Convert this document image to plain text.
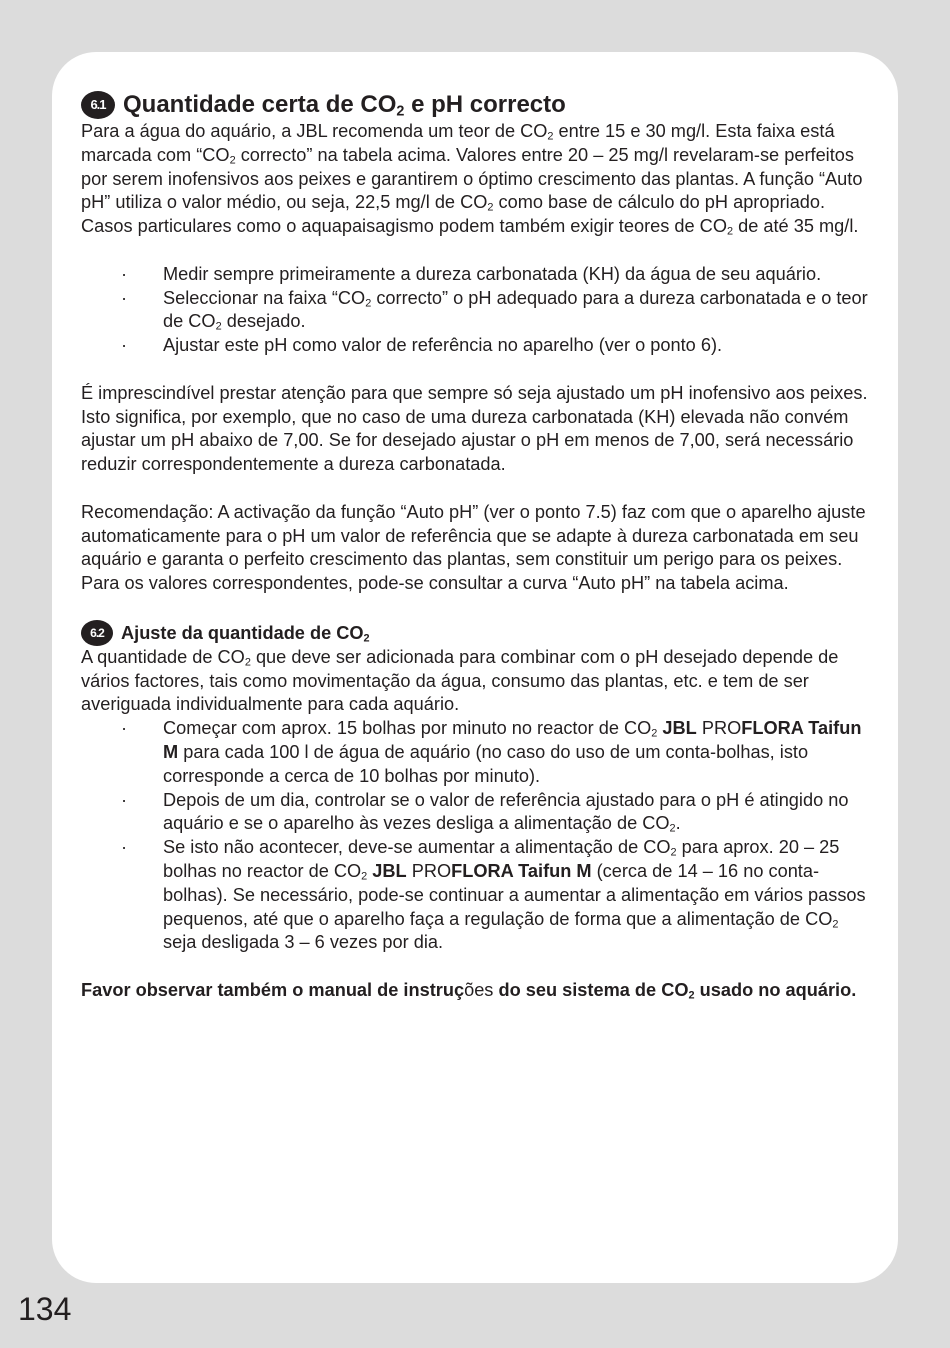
6.1 Quantidade certa de $CO_2$ e pH correcto

Para a água do aquário, a JBL recomenda um teor de $CO_2$ entre 15 e 30 mg/l. Esta faixa está marcada com “$CO_2$ correcto” na tabela acima. Valores entre 20 – 25 mg/l revelaram-se perfeitos por serem inofensivos aos peixes e garantirem o óptimo crescimento das plantas. A função “Auto pH” utiliza o valor médio, ou seja, 22,5 mg/l de $CO_2$ como base de cálculo do pH apropriado.

Casos particulares como o aquapaisagismo podem também exigir teores de $CO_2$ de até 35 mg/l.

· Medir sempre primeiramente a dureza carbonatada (KH) da água de seu aquário.
· Seleccionar na faixa “$CO_2$ correcto” o pH adequado para a dureza carbonatada e o teor de $CO_2$ desejado.
· Ajustar este pH como valor de referência no aparelho (ver o ponto 6).

É imprescindível prestar atenção para que sempre só seja ajustado um pH inofensivo aos peixes. Isto significa, por exemplo, que no caso de uma dureza carbonatada (KH) elevada não convém ajustar um pH abaixo de 7,00. Se for desejado ajustar o pH em menos de 7,00, será necessário reduzir correspondentemente a dureza carbonatada.

Recomendação: A activação da função “Auto pH” (ver o ponto 7.5) faz com que o aparelho ajuste automaticamente para o pH um valor de referência que se adapte à dureza carbonatada em seu aquário e garanta o perfeito crescimento das plantas, sem constituir um perigo para os peixes. Para os valores correspondentes, pode-se consultar a curva “Auto pH” na tabela acima.

6.2 Ajuste da quantidade de $CO_2$

A quantidade de $CO_2$ que deve ser adicionada para combinar com o pH desejado depende de vários factores, tais como movimentação da água, consumo das plantas, etc. e tem de ser averiguada individualmente para cada aquário.

· Começar com aprox. 15 bolhas por minuto no reactor de $CO_2$ JBL PROFLORA Taifun M para cada 100 l de água de aquário (no caso do uso de um conta-bolhas, isto corresponde a cerca de 10 bolhas por minuto).
· Depois de um dia, controlar se o valor de referência ajustado para o pH é atingido no aquário e se o aparelho às vezes desliga a alimentação de $CO_2$.
· Se isto não acontecer, deve-se aumentar a alimentação de $CO_2$ para aprox. 20 – 25 bolhas no reactor de $CO_2$ JBL PROFLORA Taifun M (cerca de 14 – 16 no conta-bolhas). Se necessário, pode-se continuar a aumentar a alimentação em vários passos pequenos, até que o aparelho faça a regulação de forma que a alimentação de $CO_2$ seja desligada 3 – 6 vezes por dia.

Favor observar também o manual de instruções do seu sistema de $CO_2$ usado no aquário.

134
